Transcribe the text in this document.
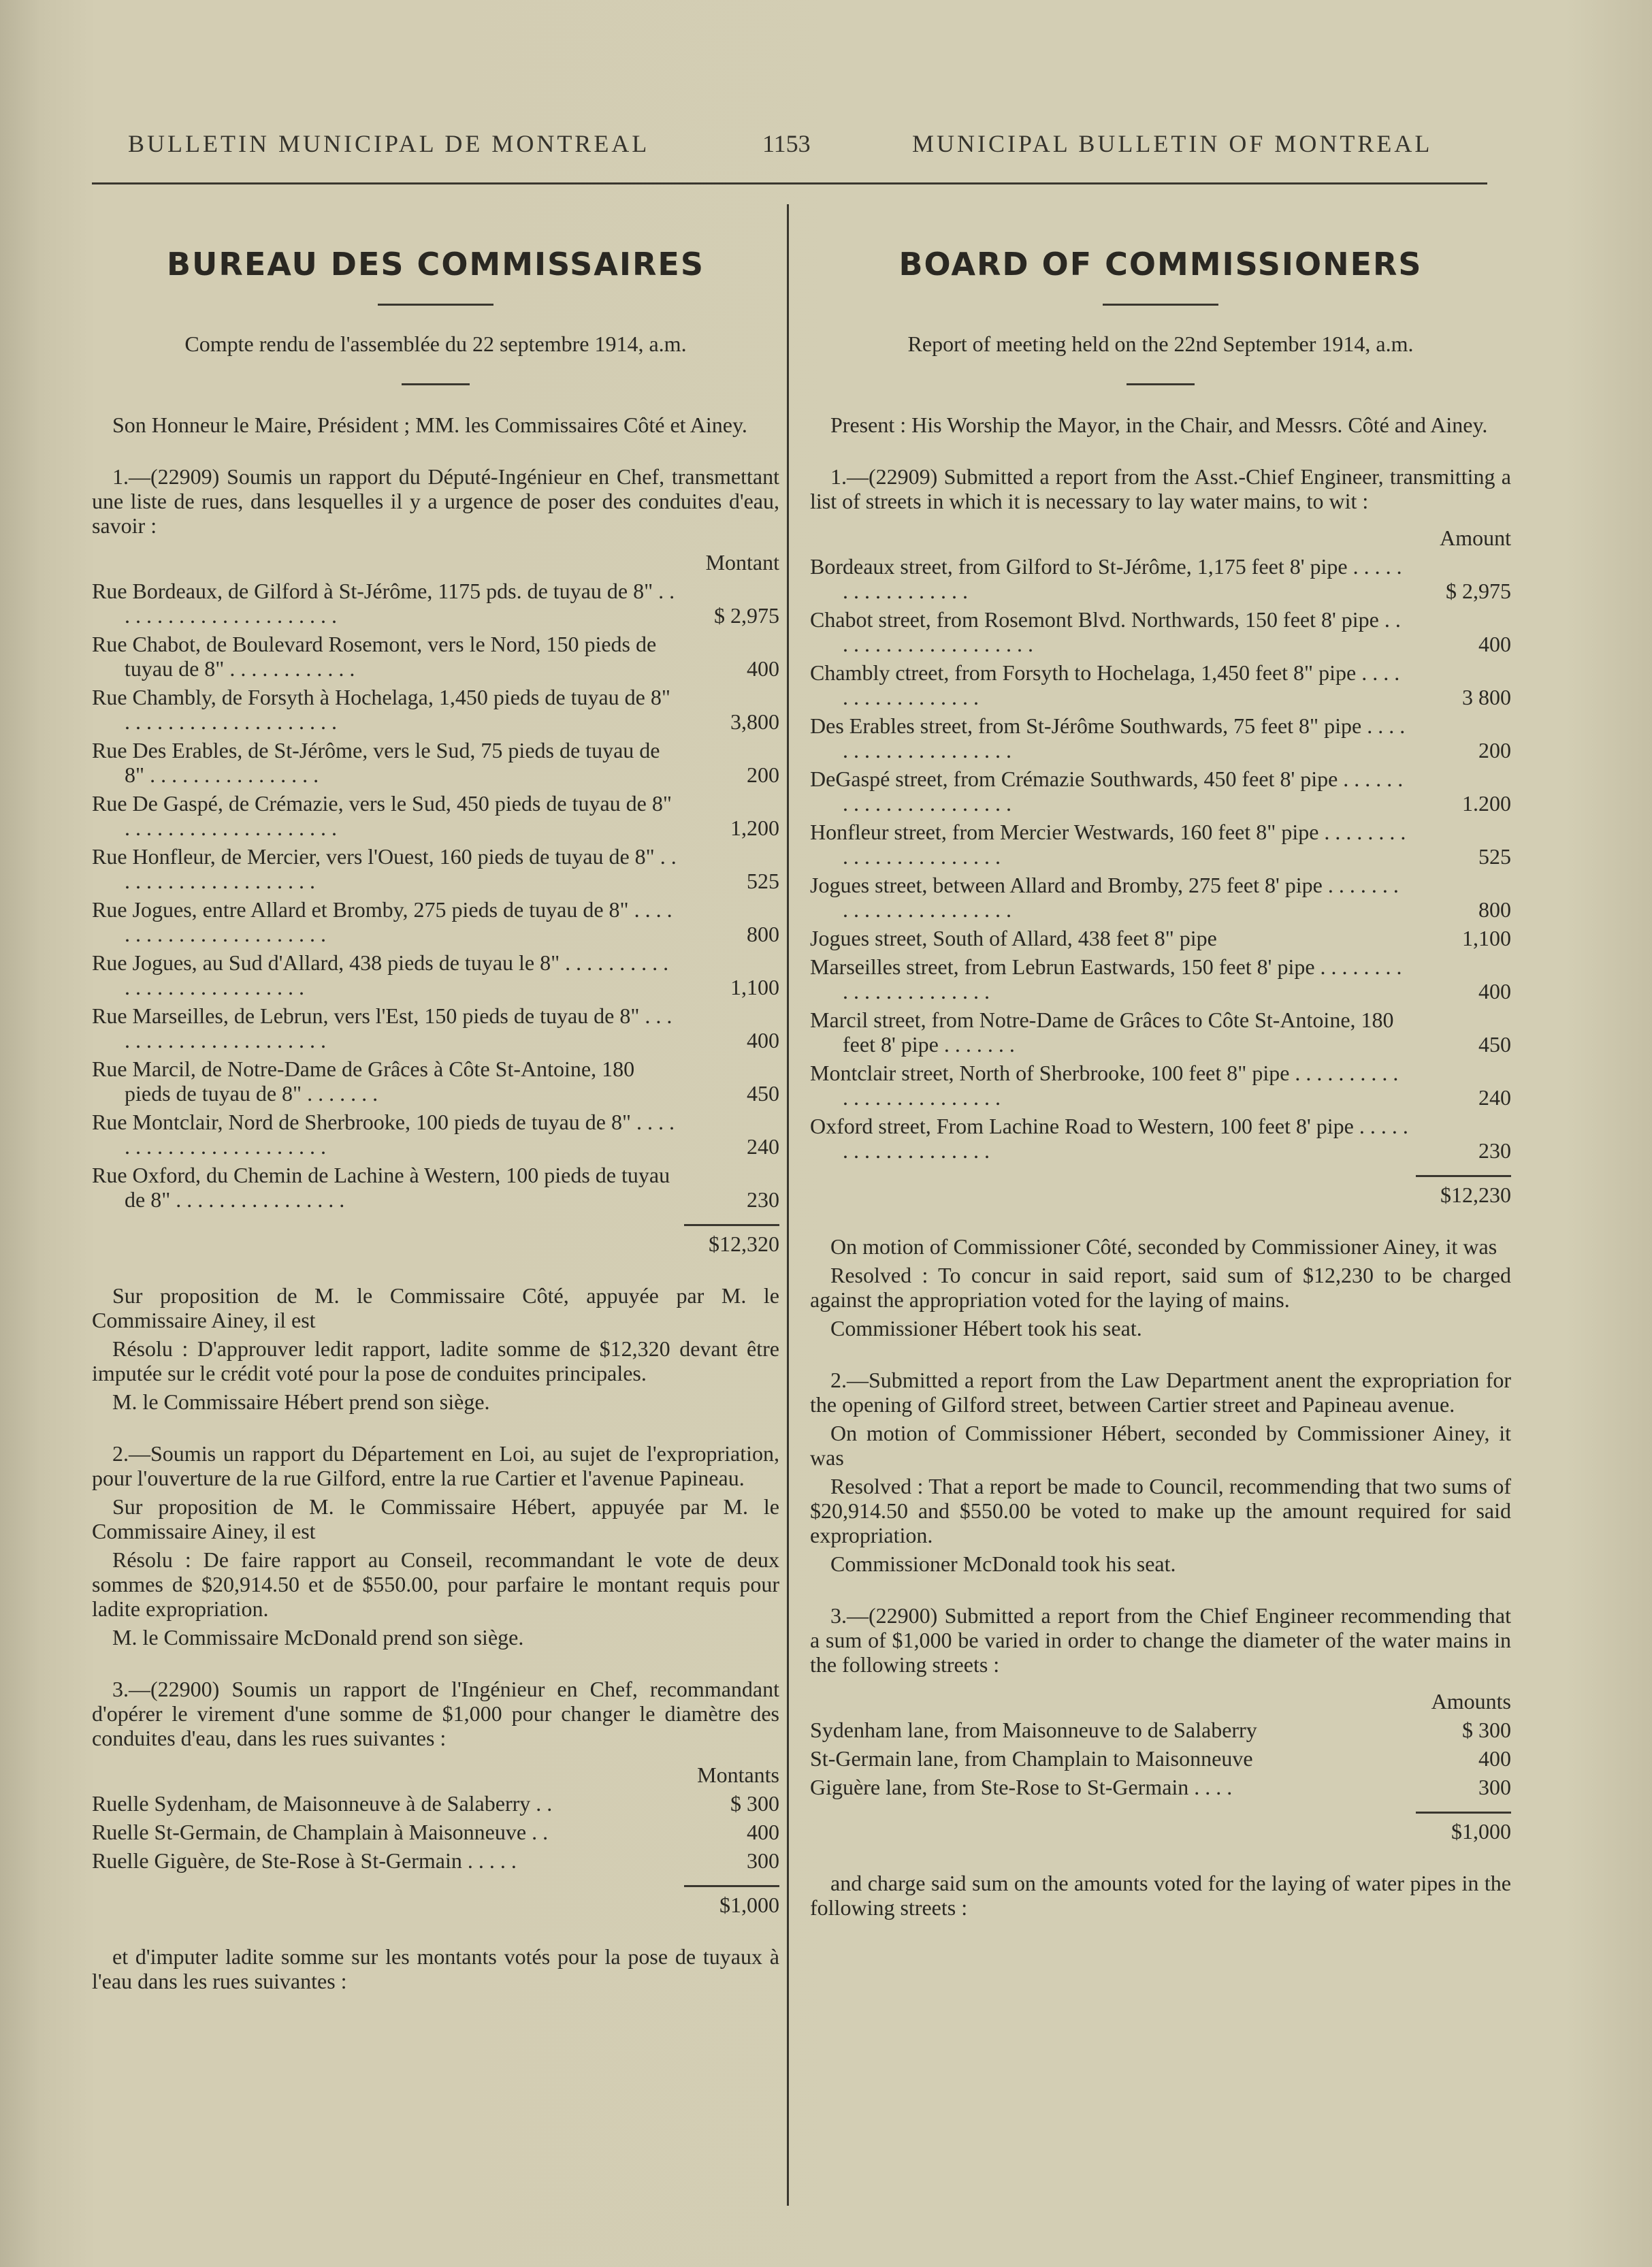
BULLETIN MUNICIPAL DE MONTREAL	1153	MUNICIPAL BULLETIN OF MONTREAL
BUREAU DES COMMISSAIRES
Compte rendu de l'assemblée du 22 septembre 1914, a.m.

Son Honneur le Maire, Président ; MM. les Commissaires Côté et Ainey.

1.—(22909) Soumis un rapport du Député-Ingénieur en Chef, transmettant une liste de rues, dans lesquelles il y a urgence de poser des conduites d'eau, savoir :

Montant
Rue Bordeaux, de Gilford à St-Jérôme, 1175 pds. de tuyau de 8" . . . . . . . . . . . . . . . . . . . . . .	$ 2,975
Rue Chabot, de Boulevard Rosemont, vers le Nord, 150 pieds de tuyau de 8" . . . . . . . . . . . .	400
Rue Chambly, de Forsyth à Hochelaga, 1,450 pieds de tuyau de 8" . . . . . . . . . . . . . . . . . . . .	3,800
Rue Des Erables, de St-Jérôme, vers le Sud, 75 pieds de tuyau de 8" . . . . . . . . . . . . . . . .	200
Rue De Gaspé, de Crémazie, vers le Sud, 450 pieds de tuyau de 8" . . . . . . . . . . . . . . . . . . . .	1,200
Rue Honfleur, de Mercier, vers l'Ouest, 160 pieds de tuyau de 8" . . . . . . . . . . . . . . . . . . . .	525
Rue Jogues, entre Allard et Bromby, 275 pieds de tuyau de 8" . . . . . . . . . . . . . . . . . . . . . . .	800
Rue Jogues, au Sud d'Allard, 438 pieds de tuyau le 8" . . . . . . . . . . . . . . . . . . . . . . . . . . .	1,100
Rue Marseilles, de Lebrun, vers l'Est, 150 pieds de tuyau de 8" . . . . . . . . . . . . . . . . . . . . . .	400
Rue Marcil, de Notre-Dame de Grâces à Côte St-Antoine, 180 pieds de tuyau de 8" . . . . . . .	450
Rue Montclair, Nord de Sherbrooke, 100 pieds de tuyau de 8" . . . . . . . . . . . . . . . . . . . . . . .	240
Rue Oxford, du Chemin de Lachine à Western, 100 pieds de tuyau de 8" . . . . . . . . . . . . . . . .	230
$12,320

Sur proposition de M. le Commissaire Côté, appuyée par M. le Commissaire Ainey, il est

Résolu : D'approuver ledit rapport, ladite somme de $12,320 devant être imputée sur le crédit voté pour la pose de conduites principales.

M. le Commissaire Hébert prend son siège.

2.—Soumis un rapport du Département en Loi, au sujet de l'expropriation, pour l'ouverture de la rue Gilford, entre la rue Cartier et l'avenue Papineau.

Sur proposition de M. le Commissaire Hébert, appuyée par M. le Commissaire Ainey, il est

Résolu : De faire rapport au Conseil, recommandant le vote de deux sommes de $20,914.50 et de $550.00, pour parfaire le montant requis pour ladite expropriation.

M. le Commissaire McDonald prend son siège.

3.—(22900) Soumis un rapport de l'Ingénieur en Chef, recommandant d'opérer le virement d'une somme de $1,000 pour changer le diamètre des conduites d'eau, dans les rues suivantes :

Montants
Ruelle Sydenham, de Maisonneuve à de Salaberry . .	$ 300
Ruelle St-Germain, de Champlain à Maisonneuve . .	400
Ruelle Giguère, de Ste-Rose à St-Germain . . . . .	300
$1,000

et d'imputer ladite somme sur les montants votés pour la pose de tuyaux à l'eau dans les rues suivantes :

BOARD OF COMMISSIONERS
Report of meeting held on the 22nd September 1914, a.m.

Present : His Worship the Mayor, in the Chair, and Messrs. Côté and Ainey.

1.—(22909) Submitted a report from the Asst.-Chief Engineer, transmitting a list of streets in which it is necessary to lay water mains, to wit :

Amount
Bordeaux street, from Gilford to St-Jérôme, 1,175 feet 8' pipe . . . . . . . . . . . . . . . . .	$ 2,975
Chabot street, from Rosemont Blvd. Northwards, 150 feet 8' pipe . . . . . . . . . . . . . . . . . . . .	400
Chambly ctreet, from Forsyth to Hochelaga, 1,450 feet 8" pipe . . . . . . . . . . . . . . . . .	3 800
Des Erables street, from St-Jérôme Southwards, 75 feet 8" pipe . . . . . . . . . . . . . . . . . . . .	200
DeGaspé street, from Crémazie Southwards, 450 feet 8' pipe . . . . . . . . . . . . . . . . . . . . . .	1.200
Honfleur street, from Mercier Westwards, 160 feet 8" pipe . . . . . . . . . . . . . . . . . . . . . . .	525
Jogues street, between Allard and Bromby, 275 feet 8' pipe . . . . . . . . . . . . . . . . . . . . . . .	800
Jogues street, South of Allard, 438 feet 8" pipe	1,100
Marseilles street, from Lebrun Eastwards, 150 feet 8' pipe . . . . . . . . . . . . . . . . . . . . . .	400
Marcil street, from Notre-Dame de Grâces to Côte St-Antoine, 180 feet 8' pipe . . . . . . .	450
Montclair street, North of Sherbrooke, 100 feet 8" pipe . . . . . . . . . . . . . . . . . . . . . . . . .	240
Oxford street, From Lachine Road to Western, 100 feet 8' pipe . . . . . . . . . . . . . . . . . . .	230
$12,230

On motion of Commissioner Côté, seconded by Commissioner Ainey, it was

Resolved : To concur in said report, said sum of $12,230 to be charged against the appropriation voted for the laying of mains.

Commissioner Hébert took his seat.

2.—Submitted a report from the Law Department anent the expropriation for the opening of Gilford street, between Cartier street and Papineau avenue.

On motion of Commissioner Hébert, seconded by Commissioner Ainey, it was

Resolved : That a report be made to Council, recommending that two sums of $20,914.50 and $550.00 be voted to make up the amount required for said expropriation.

Commissioner McDonald took his seat.

3.—(22900) Submitted a report from the Chief Engineer recommending that a sum of $1,000 be varied in order to change the diameter of the water mains in the following streets :

Amounts
Sydenham lane, from Maisonneuve to de Salaberry	$ 300
St-Germain lane, from Champlain to Maisonneuve	400
Giguère lane, from Ste-Rose to St-Germain . . . .	300
$1,000

and charge said sum on the amounts voted for the laying of water pipes in the following streets :
